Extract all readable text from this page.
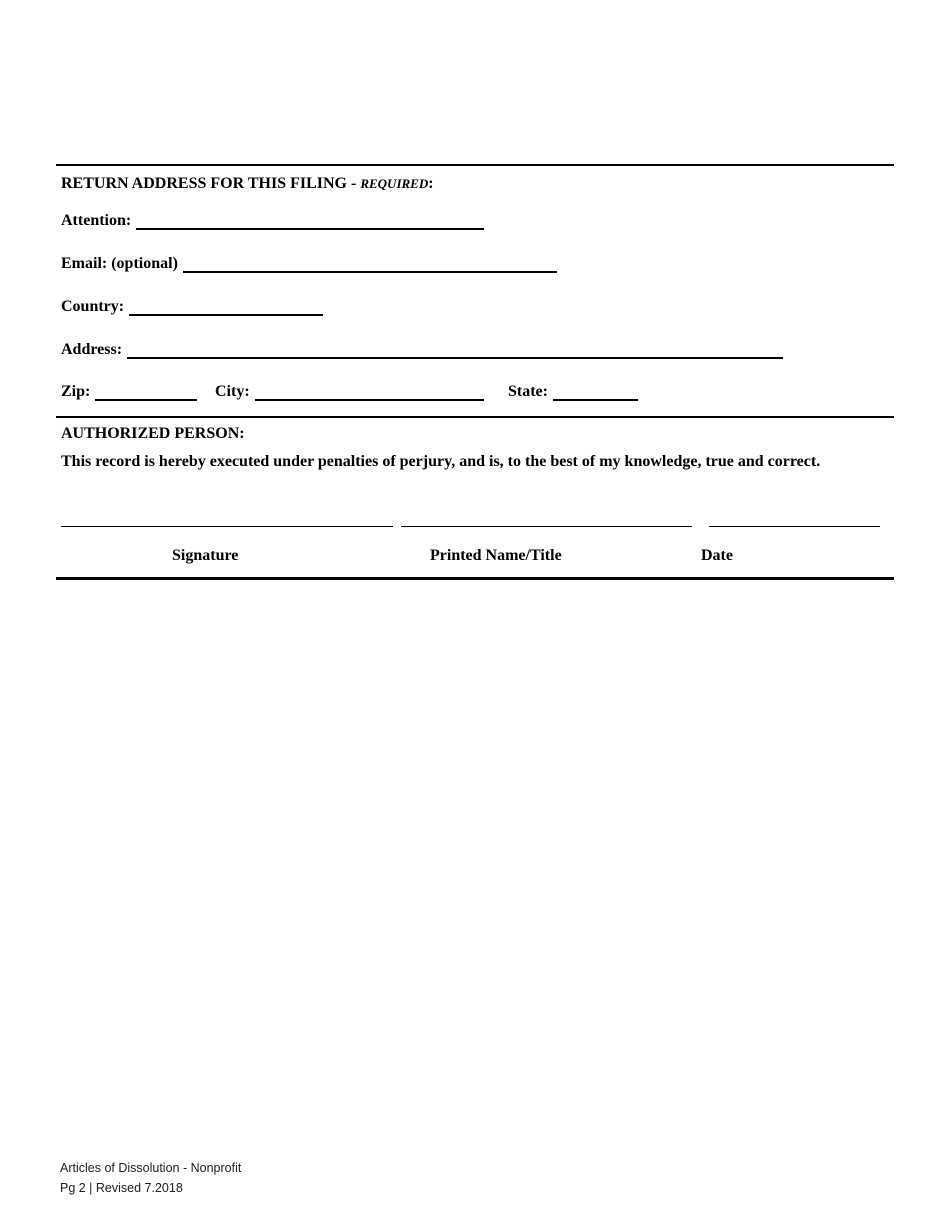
RETURN ADDRESS FOR THIS FILING - REQUIRED:
Attention:
Email: (optional)
Country:
Address:
Zip:	City:	State:
AUTHORIZED PERSON:
This record is hereby executed under penalties of perjury, and is, to the best of my knowledge, true and correct.
Signature	Printed Name/Title	Date
Articles of Dissolution - Nonprofit
Pg 2 | Revised 7.2018
